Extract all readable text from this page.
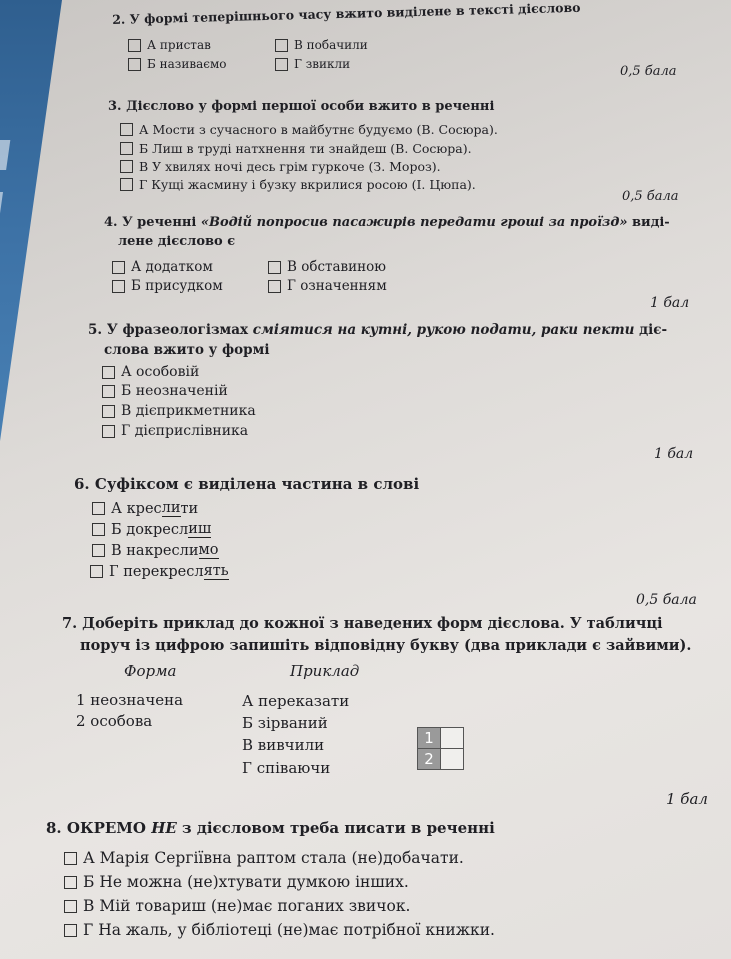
2. У формі теперішнього часу вжито виділене в тексті дієслово
А пристав	В побачили
Б називаємо	Г звикли	0,5 бала
3. Дієслово у формі першої особи вжито в реченні
А Мости з сучасного в майбутнє будуємо (В. Сосюра).
Б Лиш в труді натхнення ти знайдеш (В. Сосюра).
В У хвилях ночі десь грім гуркоче (З. Мороз).
Г Кущі жасмину і бузку вкрилися росою (І. Цюпа).
0,5 бала
4. У реченні «Водій попросив пасажирів передати гроші за проїзд» виді-
лене дієслово є
А додатком	В обставиною
Б присудком	Г означенням
1 бал
5. У фразеологізмах сміятися на кутні, рукою подати, раки пекти діє-
слова вжито у формі
А особовій
Б неозначеній
В дієприкметника
Г дієприслівника
1 бал
6. Суфіксом є виділена частина в слові
А
крес ли ти
Б
докресл иш
В
накресли мо
Г
перекресл ять
0,5 бала
7. Доберіть приклад до кожної з наведених форм дієслова. У табличці
поруч із цифрою запишіть відповідну букву (два приклади є зайвими).
Форма	Приклад
1 неозначена
2 особова
А переказати
Б зірваний
В вивчили
Г співаючи
1	
2	
1 бал
8. ОКРЕМО НЕ з дієсловом треба писати в реченні
А Марія Сергіївна раптом стала (не)добачати.
Б Не можна (не)хтувати думкою інших.
В Мій товариш (не)має поганих звичок.
Г На жаль, у бібліотеці (не)має потрібної книжки.
